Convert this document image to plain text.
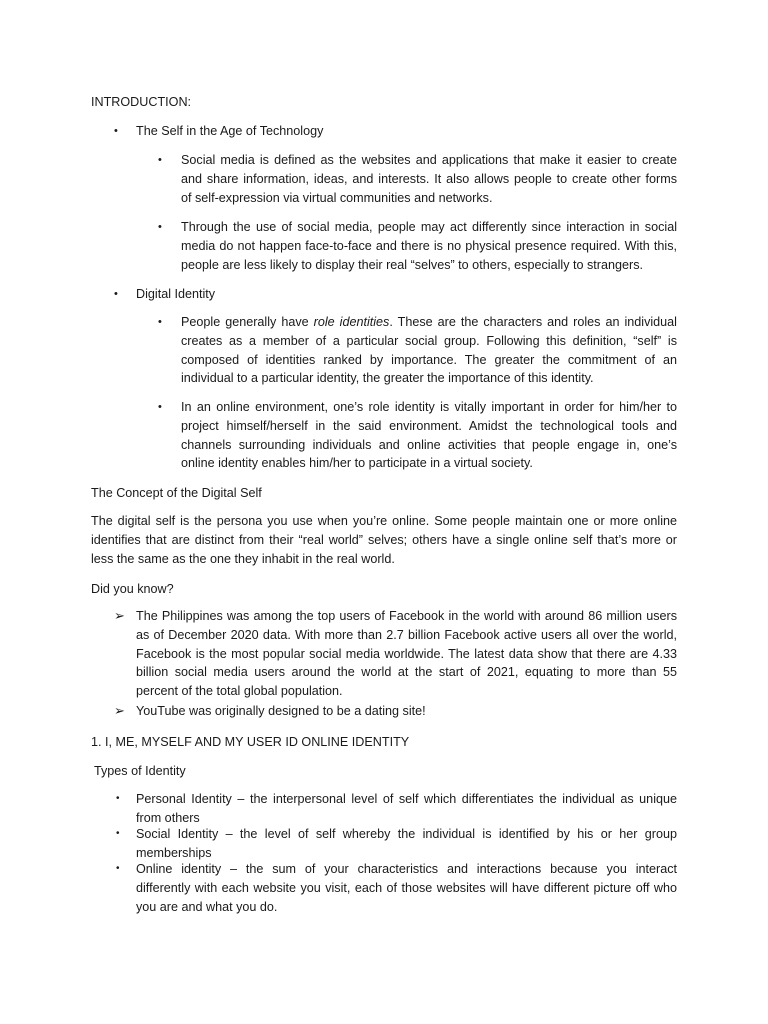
INTRODUCTION:
• The Self in the Age of Technology
• Social media is defined as the websites and applications that make it easier to create
and share information, ideas, and interests. It also allows people to create other forms
of self-expression via virtual communities and networks.
• Through the use of social media, people may act differently since interaction in social
media do not happen face-to-face and there is no physical presence required. With this,
people are less likely to display their real “selves” to others, especially to strangers.
• Digital Identity
• People generally have role identities. These are the characters and roles an individual
creates as a member of a particular social group. Following this definition, “self” is
composed of identities ranked by importance. The greater the commitment of an
individual to a particular identity, the greater the importance of this identity.
• In an online environment, one’s role identity is vitally important in order for him/her to
project himself/herself in the said environment. Amidst the technological tools and
channels surrounding individuals and online activities that people engage in, one’s
online identity enables him/her to participate in a virtual society.
The Concept of the Digital Self
The digital self is the persona you use when you’re online. Some people maintain one or more online
identifies that are distinct from their “real world” selves; others have a single online self that’s more or
less the same as the one they inhabit in the real world.
Did you know?
➢ The Philippines was among the top users of Facebook in the world with around 86 million users
as of December 2020 data. With more than 2.7 billion Facebook active users all over the world,
Facebook is the most popular social media worldwide. The latest data show that there are 4.33
billion social media users around the world at the start of 2021, equating to more than 55
percent of the total global population.
➢ YouTube was originally designed to be a dating site!
1. I, ME, MYSELF AND MY USER ID ONLINE IDENTITY
Types of Identity
• Personal Identity – the interpersonal level of self which differentiates the individual as unique
from others
• Social Identity – the level of self whereby the individual is identified by his or her group
memberships
• Online identity – the sum of your characteristics and interactions because you interact
differently with each website you visit, each of those websites will have different picture off who
you are and what you do.
